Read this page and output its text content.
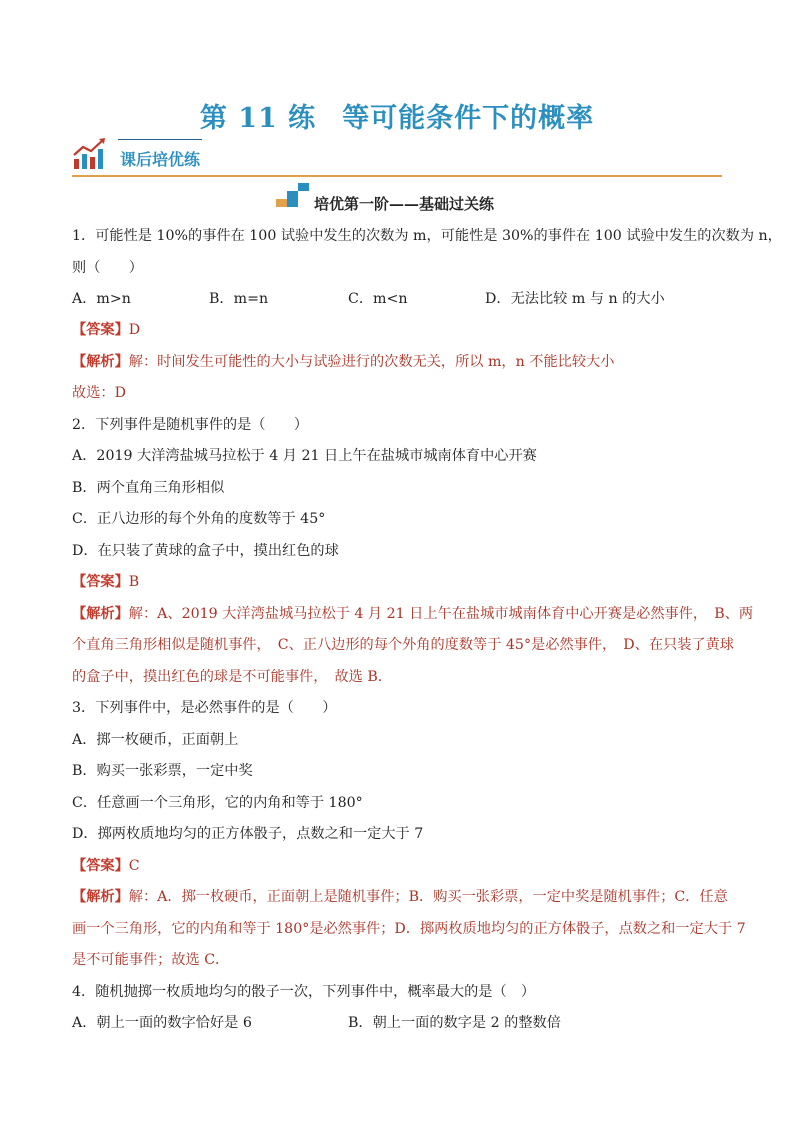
第 11 练 等可能条件下的概率
课后培优练
培优第一阶——基础过关练
1．可能性是 10%的事件在 100 试验中发生的次数为 m，可能性是 30%的事件在 100 试验中发生的次数为 n，
则（　　）
A．m>n	B．m=n	C．m<n	D．无法比较 m 与 n 的大小
【答案】D
【解析】解：时间发生可能性的大小与试验进行的次数无关，所以 m，n 不能比较大小
故选：D
2．下列事件是随机事件的是（　　）
A．2019 大洋湾盐城马拉松于 4 月 21 日上午在盐城市城南体育中心开赛
B．两个直角三角形相似
C．正八边形的每个外角的度数等于 45°
D．在只装了黄球的盒子中，摸出红色的球
【答案】B
【解析】解：A、2019 大洋湾盐城马拉松于 4 月 21 日上午在盐城市城南体育中心开赛是必然事件，　B、两
个直角三角形相似是随机事件，　C、正八边形的每个外角的度数等于 45°是必然事件，　D、在只装了黄球
的盒子中，摸出红色的球是不可能事件，　故选 B．
3．下列事件中，是必然事件的是（　　）
A．掷一枚硬币，正面朝上
B．购买一张彩票，一定中奖
C．任意画一个三角形，它的内角和等于 180°
D．掷两枚质地均匀的正方体骰子，点数之和一定大于 7
【答案】C
【解析】解：A．掷一枚硬币，正面朝上是随机事件；B．购买一张彩票，一定中奖是随机事件；C．任意
画一个三角形，它的内角和等于 180°是必然事件；D．掷两枚质地均匀的正方体骰子，点数之和一定大于 7
是不可能事件；故选 C．
4．随机抛掷一枚质地均匀的骰子一次，下列事件中，概率最大的是（　）
A．朝上一面的数字恰好是 6	B．朝上一面的数字是 2 的整数倍
